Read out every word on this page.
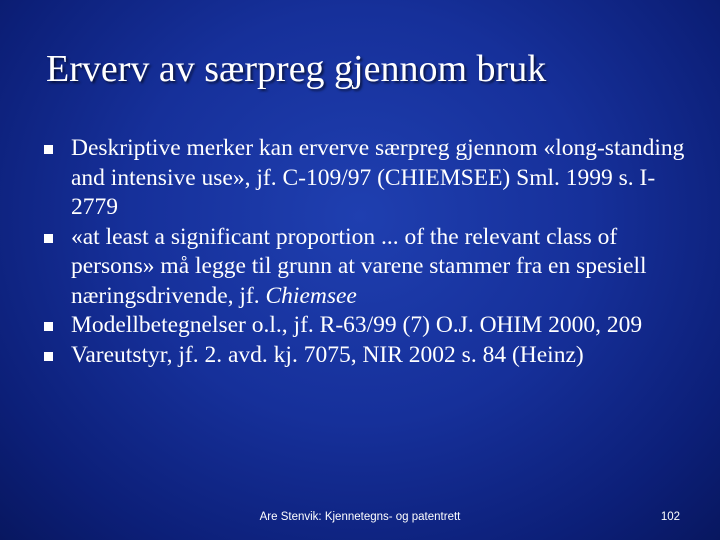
Erverv av særpreg gjennom bruk
Deskriptive merker kan erverve særpreg gjennom «long-standing and intensive use», jf. C‑109/97 (CHIEMSEE) Sml. 1999 s. I-2779
«at least a significant proportion ... of the relevant class of persons» må legge til grunn at varene stammer fra en spesiell næringsdrivende, jf. Chiemsee
Modellbetegnelser o.l., jf. R-63/99 (7) O.J. OHIM 2000, 209
Vareutstyr, jf. 2. avd. kj. 7075, NIR 2002 s. 84 (Heinz)
Are Stenvik: Kjennetegns- og patentrett	102
